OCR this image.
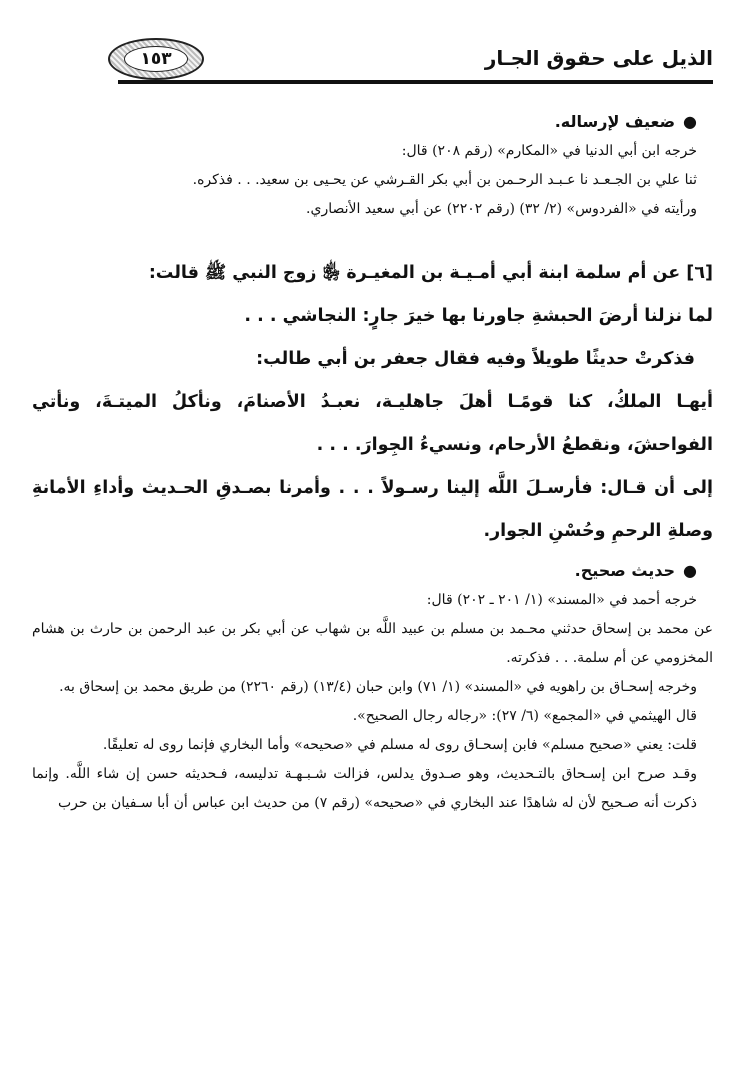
الذيل على حقوق الجـار
١٥٣
●ضعيف لإرساله.

خرجه ابن أبي الدنيا في «المكارم» (رقم ٢٠٨) قال:

ثنا علي بن الجـعـد نا عـبـد الرحـمن بن أبي بكر القـرشي عن يحـيى بن سعيد. . . فذكره.

ورأيته في «الفردوس» (٢/ ٣٢) (رقم ٢٢٠٢) عن أبي سعيد الأنصاري.

[٦] عن أم سلمة ابنة أبي أمـيـة بن المغيـرة ﵂ زوج النبي ﷺ قالت:

لما نزلنا أرضَ الحبشةِ جاورنا بها خيرَ جارٍ: النجاشي . . .

فذكرتْ حديثًا طويلاً وفيه فقال جعفر بن أبي طالب:

أيهـا الملكُ، كنا قومًـا أهلَ جاهليـة، نعبـدُ الأصنامَ، ونأكلُ الميتـةَ، ونأتي الفواحشَ، ونقطعُ الأرحام، ونسيءُ الجِوارَ. . . .

إلى أن قـال: فأرسـلَ اللَّه إلينا رسـولاً . . . وأمرنا بصـدقِ الحـديث وأداءِ الأمانةِ وصلةِ الرحمِ وحُسْنِ الجوار.

●حديث صحيح.

خرجه أحمد في «المسند» (١/ ٢٠١ ـ ٢٠٢) قال:

عن محمد بن إسحاق حدثني محـمد بن مسلم بن عبيد اللَّه بن شهاب عن أبي بكر بن عبد الرحمن بن حارث بن هشام المخزومي عن أم سلمة. . . فذكرته.

وخرجه إسحـاق بن راهويه في «المسند» (١/ ٧١) وابن حبان (١٣/٤) (رقم ٢٢٦٠) من طريق محمد بن إسحاق به.

قال الهيثمي في «المجمع» (٦/ ٢٧): «رجاله رجال الصحيح».

قلت: يعني «صحيح مسلم» فابن إسحـاق روى له مسلم في «صحيحه» وأما البخاري فإنما روى له تعليقًا.

وقـد صرح ابن إسـحاق بالتـحديث، وهو صـدوق يدلس، فزالت شـبـهـة تدليسه، فـحديثه حسن إن شاء اللَّه. وإنما ذكرت أنه صـحيح لأن له شاهدًا عند البخاري في «صحيحه» (رقم ٧) من حديث ابن عباس أن أبا سـفيان بن حرب
